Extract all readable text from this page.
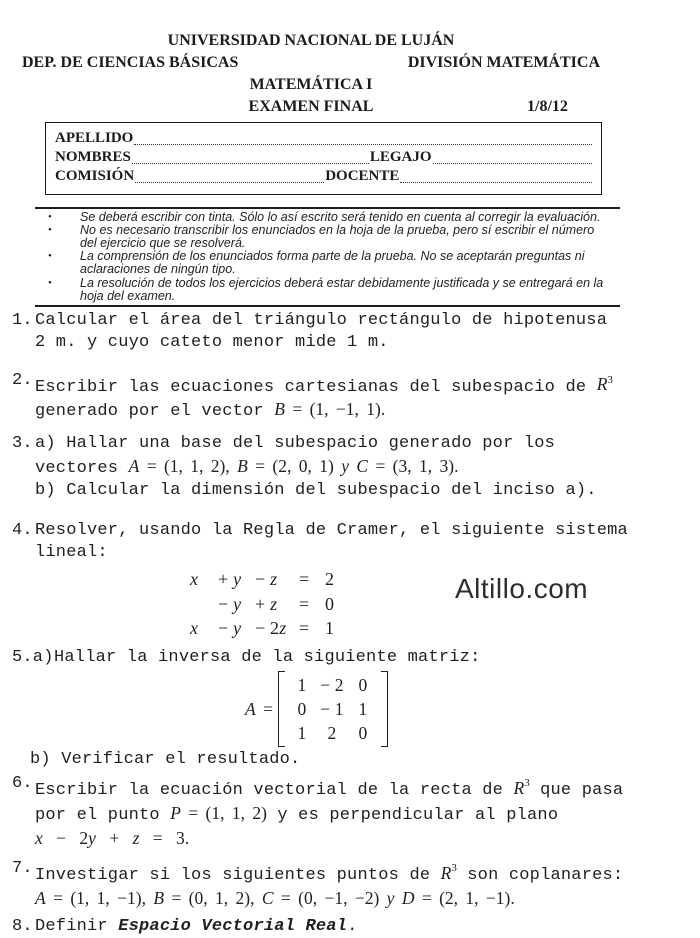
UNIVERSIDAD NACIONAL DE LUJÁN
DEP. DE CIENCIAS BÁSICAS	DIVISIÓN MATEMÁTICA
MATEMÁTICA I
EXAMEN FINAL	1/8/12
APELLIDO
NOMBRES	LEGAJO
COMISIÓN	DOCENTE
•	Se deberá escribir con tinta. Sólo lo así escrito será tenido en cuenta al corregir la evaluación.
•	No es necesario transcribir los enunciados en la hoja de la prueba, pero sí escribir el número
del ejercicio que se resolverá.
•	La comprensión de los enunciados forma parte de la prueba. No se aceptarán preguntas ni
aclaraciones de ningún tipo.
•	La resolución de todos los ejercicios deberá estar debidamente justificada y se entregará en la
hoja del examen.
1. Calcular el área del triángulo rectángulo de hipotenusa
2 m. y cuyo cateto menor mide 1 m.
2. Escribir las ecuaciones cartesianas del subespacio de $R^3$
generado por el vector B = (1, −1, 1).
3. a) Hallar una base del subespacio generado por los
vectores A = (1, 1, 2), B = (2, 0, 1) y C = (3, 1, 3).
b) Calcular la dimensión del subespacio del inciso a).
4. Resolver, usando la Regla de Cramer, el siguiente sistema
lineal:
x	+ y − z	= 2
− y + z	= 0
x	− y − 2z = 1
5.a) Hallar la inversa de la siguiente matriz:
A =
1 − 2 0
0 − 1 1
1	2	0
b) Verificar el resultado.
6. Escribir la ecuación vectorial de la recta de $R^3$ que pasa
por el punto P = (1, 1, 2) y es perpendicular al plano
x − 2y + z = 3.
7. Investigar si los siguientes puntos de $R^3$ son coplanares:
A = (1, 1, −1), B = (0, 1, 2), C = (0, −1, −2) y D = (2, 1, −1).
8. Definir Espacio Vectorial Real.
Altillo.com
